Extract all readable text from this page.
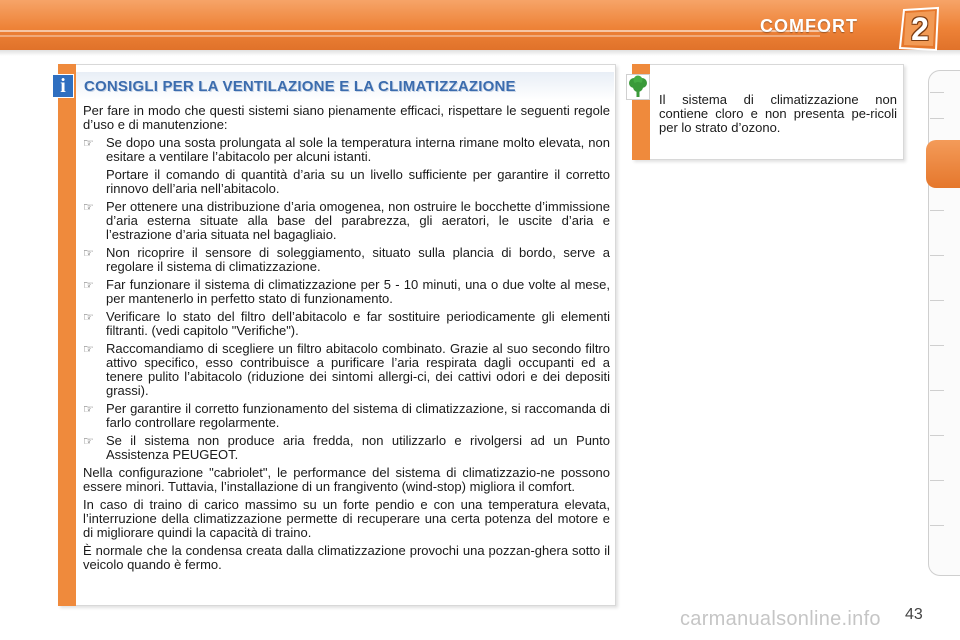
COMFORT	2
i	CONSIGLI PER LA VENTILAZIONE E LA CLIMATIZZAZIONE

Per fare in modo che questi sistemi siano pienamente efficaci, rispettare le seguenti regole d’uso e di manutenzione:

☞ Se dopo una sosta prolungata al sole la temperatura interna rimane molto elevata, non esitare a ventilare l’abitacolo per alcuni istanti.
Portare il comando di quantità d’aria su un livello sufficiente per garantire il corretto rinnovo dell’aria nell’abitacolo.
☞ Per ottenere una distribuzione d’aria omogenea, non ostruire le bocchette d’immissione d’aria esterna situate alla base del parabrezza, gli aeratori, le uscite d’aria e l’estrazione d’aria situata nel bagagliaio.
☞ Non ricoprire il sensore di soleggiamento, situato sulla plancia di bordo, serve a regolare il sistema di climatizzazione.
☞ Far funzionare il sistema di climatizzazione per 5 - 10 minuti, una o due volte al mese, per mantenerlo in perfetto stato di funzionamento.
☞ Verificare lo stato del filtro dell’abitacolo e far sostituire periodicamente gli elementi filtranti. (vedi capitolo "Verifiche").
☞ Raccomandiamo di scegliere un filtro abitacolo combinato. Grazie al suo secondo filtro attivo specifico, esso contribuisce a purificare l’aria respirata dagli occupanti ed a tenere pulito l’abitacolo (riduzione dei sintomi allergi-ci, dei cattivi odori e dei depositi grassi).
☞ Per garantire il corretto funzionamento del sistema di climatizzazione, si raccomanda di farlo controllare regolarmente.
☞ Se il sistema non produce aria fredda, non utilizzarlo e rivolgersi ad un Punto Assistenza PEUGEOT.

Nella configurazione "cabriolet", le performance del sistema di climatizzazio-ne possono essere minori. Tuttavia, l’installazione di un frangivento (wind-stop) migliora il comfort.

In caso di traino di carico massimo su un forte pendio e con una temperatura elevata, l’interruzione della climatizzazione permette di recuperare una certa potenza del motore e di migliorare quindi la capacità di traino.

È normale che la condensa creata dalla climatizzazione provochi una pozzan-ghera sotto il veicolo quando è fermo.

Il sistema di climatizzazione non contiene cloro e non presenta pe-ricoli per lo strato d’ozono.
carmanualsonline.info 43
